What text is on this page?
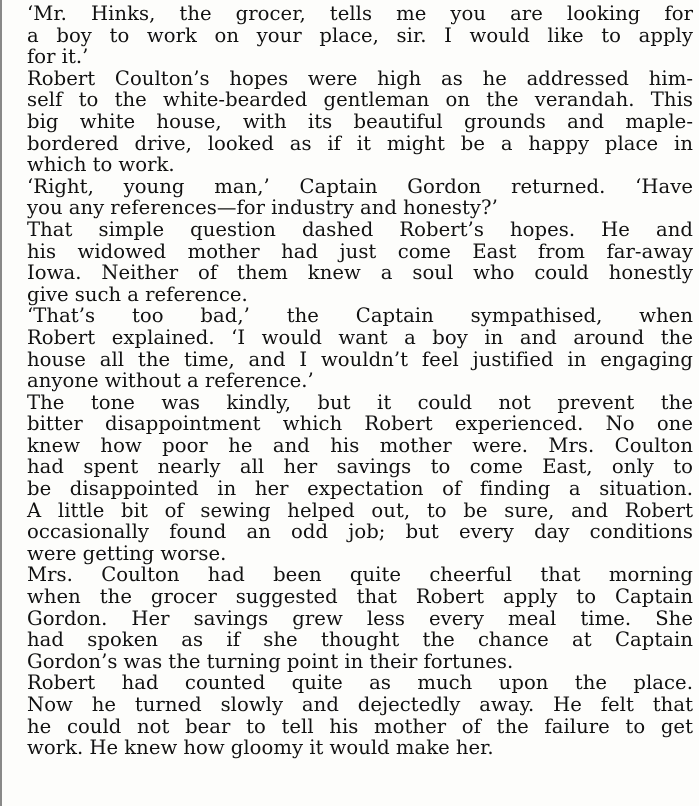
‘Mr. Hinks, the grocer, tells me you are looking for
a boy to work on your place, sir. I would like to apply
for it.’

Robert Coulton’s hopes were high as he addressed him-
self to the white-bearded gentleman on the verandah. This
big white house, with its beautiful grounds and maple-
bordered drive, looked as if it might be a happy place in
which to work.

‘Right, young man,’ Captain Gordon returned. ‘Have
you any references—for industry and honesty?’

That simple question dashed Robert’s hopes. He and
his widowed mother had just come East from far-away
Iowa. Neither of them knew a soul who could honestly
give such a reference.

‘That’s too bad,’ the Captain sympathised, when
Robert explained. ‘I would want a boy in and around the
house all the time, and I wouldn’t feel justified in engaging
anyone without a reference.’

The tone was kindly, but it could not prevent the
bitter disappointment which Robert experienced. No one
knew how poor he and his mother were. Mrs. Coulton
had spent nearly all her savings to come East, only to
be disappointed in her expectation of finding a situation.
A little bit of sewing helped out, to be sure, and Robert
occasionally found an odd job; but every day conditions
were getting worse.

Mrs. Coulton had been quite cheerful that morning
when the grocer suggested that Robert apply to Captain
Gordon. Her savings grew less every meal time. She
had spoken as if she thought the chance at Captain
Gordon’s was the turning point in their fortunes.

Robert had counted quite as much upon the place.
Now he turned slowly and dejectedly away. He felt that
he could not bear to tell his mother of the failure to get
work. He knew how gloomy it would make her.
